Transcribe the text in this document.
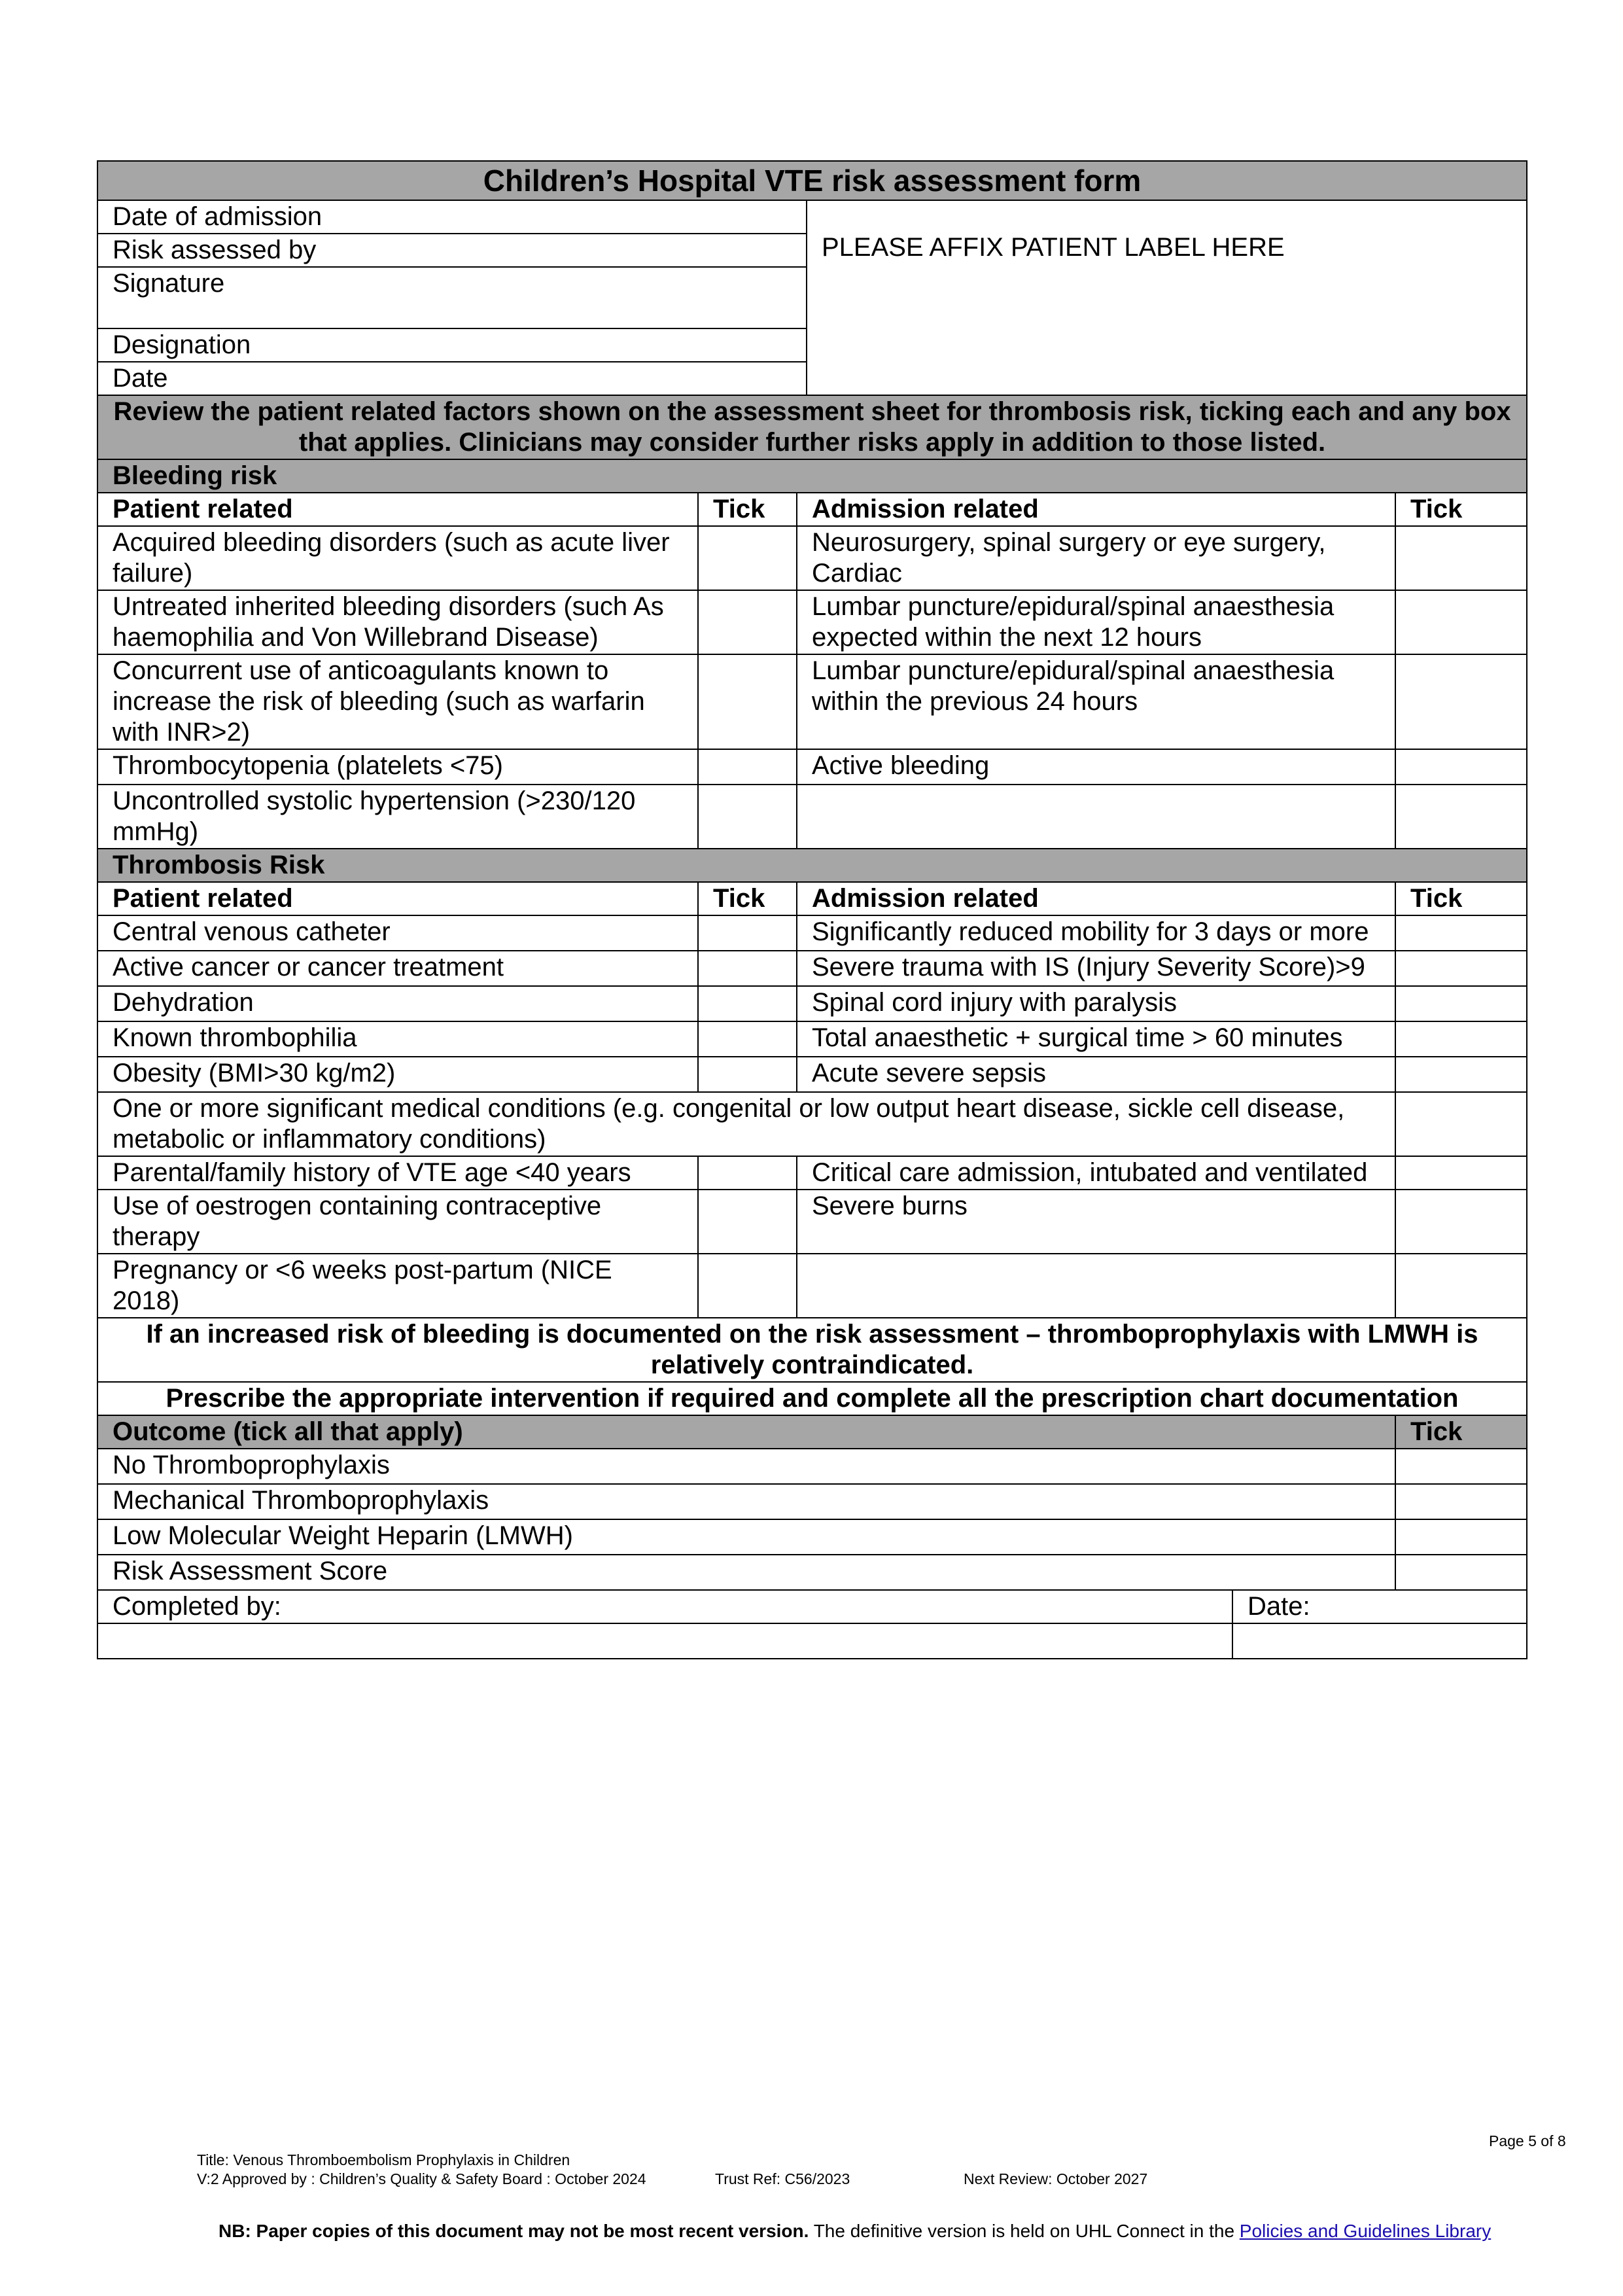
Children’s Hospital VTE risk assessment form					
Date of admission			PLEASE AFFIX PATIENT LABEL HERE		
Risk assessed by					
Signature					
Designation					
Date					
Review the patient related factors shown on the assessment sheet for thrombosis risk, ticking each and any box that applies. Clinicians may consider further risks apply in addition to those listed.					
Bleeding risk					
Patient related	Tick	Admission related			Tick
Acquired bleeding disorders (such as acute liver failure)		Neurosurgery, spinal surgery or eye surgery, Cardiac			
Untreated inherited bleeding disorders (such As haemophilia and Von Willebrand Disease)		Lumbar puncture/epidural/spinal anaesthesia expected within the next 12 hours			
Concurrent use of anticoagulants known to increase the risk of bleeding (such as warfarin with INR>2)		Lumbar puncture/epidural/spinal anaesthesia within the previous 24 hours			
Thrombocytopenia (platelets <75)		Active bleeding			
Uncontrolled systolic hypertension (>230/120 mmHg)					
Thrombosis Risk					
Patient related	Tick	Admission related			Tick
Central venous catheter		Significantly reduced mobility for 3 days or more			
Active cancer or cancer treatment		Severe trauma with IS (Injury Severity Score)>9			
Dehydration		Spinal cord injury with paralysis			
Known thrombophilia		Total anaesthetic + surgical time > 60 minutes			
Obesity (BMI>30 kg/m2)		Acute severe sepsis			
One or more significant medical conditions (e.g. congenital or low output heart disease, sickle cell disease, metabolic or inflammatory conditions)					
Parental/family history of VTE age <40 years		Critical care admission, intubated and ventilated			
Use of oestrogen containing contraceptive therapy		Severe burns			
Pregnancy or <6 weeks post-partum (NICE 2018)					
If an increased risk of bleeding is documented on the risk assessment – thromboprophylaxis with LMWH is relatively contraindicated.					
Prescribe the appropriate intervention if required and complete all the prescription chart documentation					
Outcome (tick all that apply)					Tick
No Thromboprophylaxis					
Mechanical Thromboprophylaxis					
Low Molecular Weight Heparin (LMWH)					
Risk Assessment Score					
Completed by:				Date:	

Page 5 of 8
Title: Venous Thromboembolism Prophylaxis in Children
V:2 Approved by : Children’s Quality & Safety Board : October 2024	Trust Ref: C56/2023	Next Review: October 2027
NB: Paper copies of this document may not be most recent version. The definitive version is held on UHL Connect in the Policies and Guidelines Library
